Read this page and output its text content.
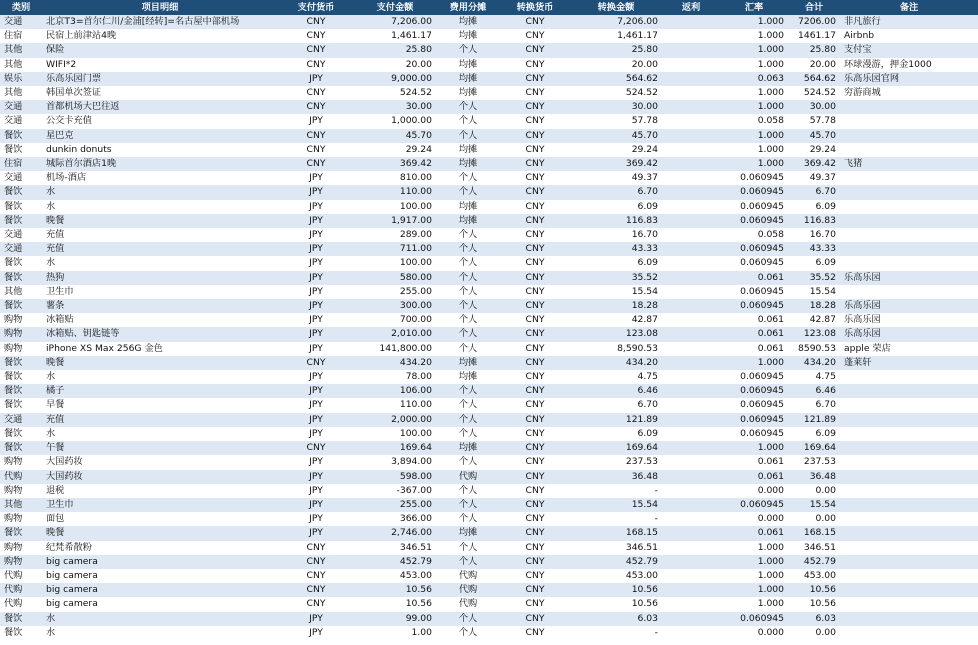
类别	项目明细	支付货币	支付金额	费用分摊	转换货币	转换金额	返利	汇率	合计	备注
交通	北京T3=首尔仁川/金浦[经转]=名古屋中部机场	CNY	7,206.00	均摊	CNY	7,206.00		1.000	7206.00	非凡旅行
住宿	民宿上前津站4晚	CNY	1,461.17	均摊	CNY	1,461.17		1.000	1461.17	Airbnb
其他	保险	CNY	25.80	个人	CNY	25.80		1.000	25.80	支付宝
其他	WIFI*2	CNY	20.00	均摊	CNY	20.00		1.000	20.00	环球漫游，押金1000
娱乐	乐高乐园门票	JPY	9,000.00	均摊	CNY	564.62		0.063	564.62	乐高乐园官网
其他	韩国单次签证	CNY	524.52	均摊	CNY	524.52		1.000	524.52	穷游商城
交通	首都机场大巴往返	CNY	30.00	个人	CNY	30.00		1.000	30.00	
交通	公交卡充值	JPY	1,000.00	个人	CNY	57.78		0.058	57.78	
餐饮	星巴克	CNY	45.70	个人	CNY	45.70		1.000	45.70	
餐饮	dunkin donuts	CNY	29.24	均摊	CNY	29.24		1.000	29.24	
住宿	城际首尔酒店1晚	CNY	369.42	均摊	CNY	369.42		1.000	369.42	飞猪
交通	机场-酒店	JPY	810.00	个人	CNY	49.37		0.060945	49.37	
餐饮	水	JPY	110.00	个人	CNY	6.70		0.060945	6.70	
餐饮	水	JPY	100.00	均摊	CNY	6.09		0.060945	6.09	
餐饮	晚餐	JPY	1,917.00	均摊	CNY	116.83		0.060945	116.83	
交通	充值	JPY	289.00	个人	CNY	16.70		0.058	16.70	
交通	充值	JPY	711.00	个人	CNY	43.33		0.060945	43.33	
餐饮	水	JPY	100.00	个人	CNY	6.09		0.060945	6.09	
餐饮	热狗	JPY	580.00	个人	CNY	35.52		0.061	35.52	乐高乐园
其他	卫生巾	JPY	255.00	个人	CNY	15.54		0.060945	15.54	
餐饮	薯条	JPY	300.00	个人	CNY	18.28		0.060945	18.28	乐高乐园
购物	冰箱贴	JPY	700.00	个人	CNY	42.87		0.061	42.87	乐高乐园
购物	冰箱贴、钥匙链等	JPY	2,010.00	个人	CNY	123.08		0.061	123.08	乐高乐园
购物	iPhone XS Max 256G 金色	JPY	141,800.00	个人	CNY	8,590.53		0.061	8590.53	apple 荣店
餐饮	晚餐	CNY	434.20	均摊	CNY	434.20		1.000	434.20	蓬莱轩
餐饮	水	JPY	78.00	均摊	CNY	4.75		0.060945	4.75	
餐饮	橘子	JPY	106.00	个人	CNY	6.46		0.060945	6.46	
餐饮	早餐	JPY	110.00	个人	CNY	6.70		0.060945	6.70	
交通	充值	JPY	2,000.00	个人	CNY	121.89		0.060945	121.89	
餐饮	水	JPY	100.00	个人	CNY	6.09		0.060945	6.09	
餐饮	午餐	CNY	169.64	均摊	CNY	169.64		1.000	169.64	
购物	大国药妆	JPY	3,894.00	个人	CNY	237.53		0.061	237.53	
代购	大国药妆	JPY	598.00	代购	CNY	36.48		0.061	36.48	
购物	退税	JPY	-367.00	个人	CNY	-		0.000	0.00	
其他	卫生巾	JPY	255.00	个人	CNY	15.54		0.060945	15.54	
购物	面包	JPY	366.00	个人	CNY	-		0.000	0.00	
餐饮	晚餐	JPY	2,746.00	均摊	CNY	168.15		0.061	168.15	
购物	纪梵希散粉	CNY	346.51	个人	CNY	346.51		1.000	346.51	
购物	big camera	CNY	452.79	个人	CNY	452.79		1.000	452.79	
代购	big camera	CNY	453.00	代购	CNY	453.00		1.000	453.00	
代购	big camera	CNY	10.56	代购	CNY	10.56		1.000	10.56	
代购	big camera	CNY	10.56	代购	CNY	10.56		1.000	10.56	
餐饮	水	JPY	99.00	个人	CNY	6.03		0.060945	6.03	
餐饮	水	JPY	1.00	个人	CNY	-		0.000	0.00	
